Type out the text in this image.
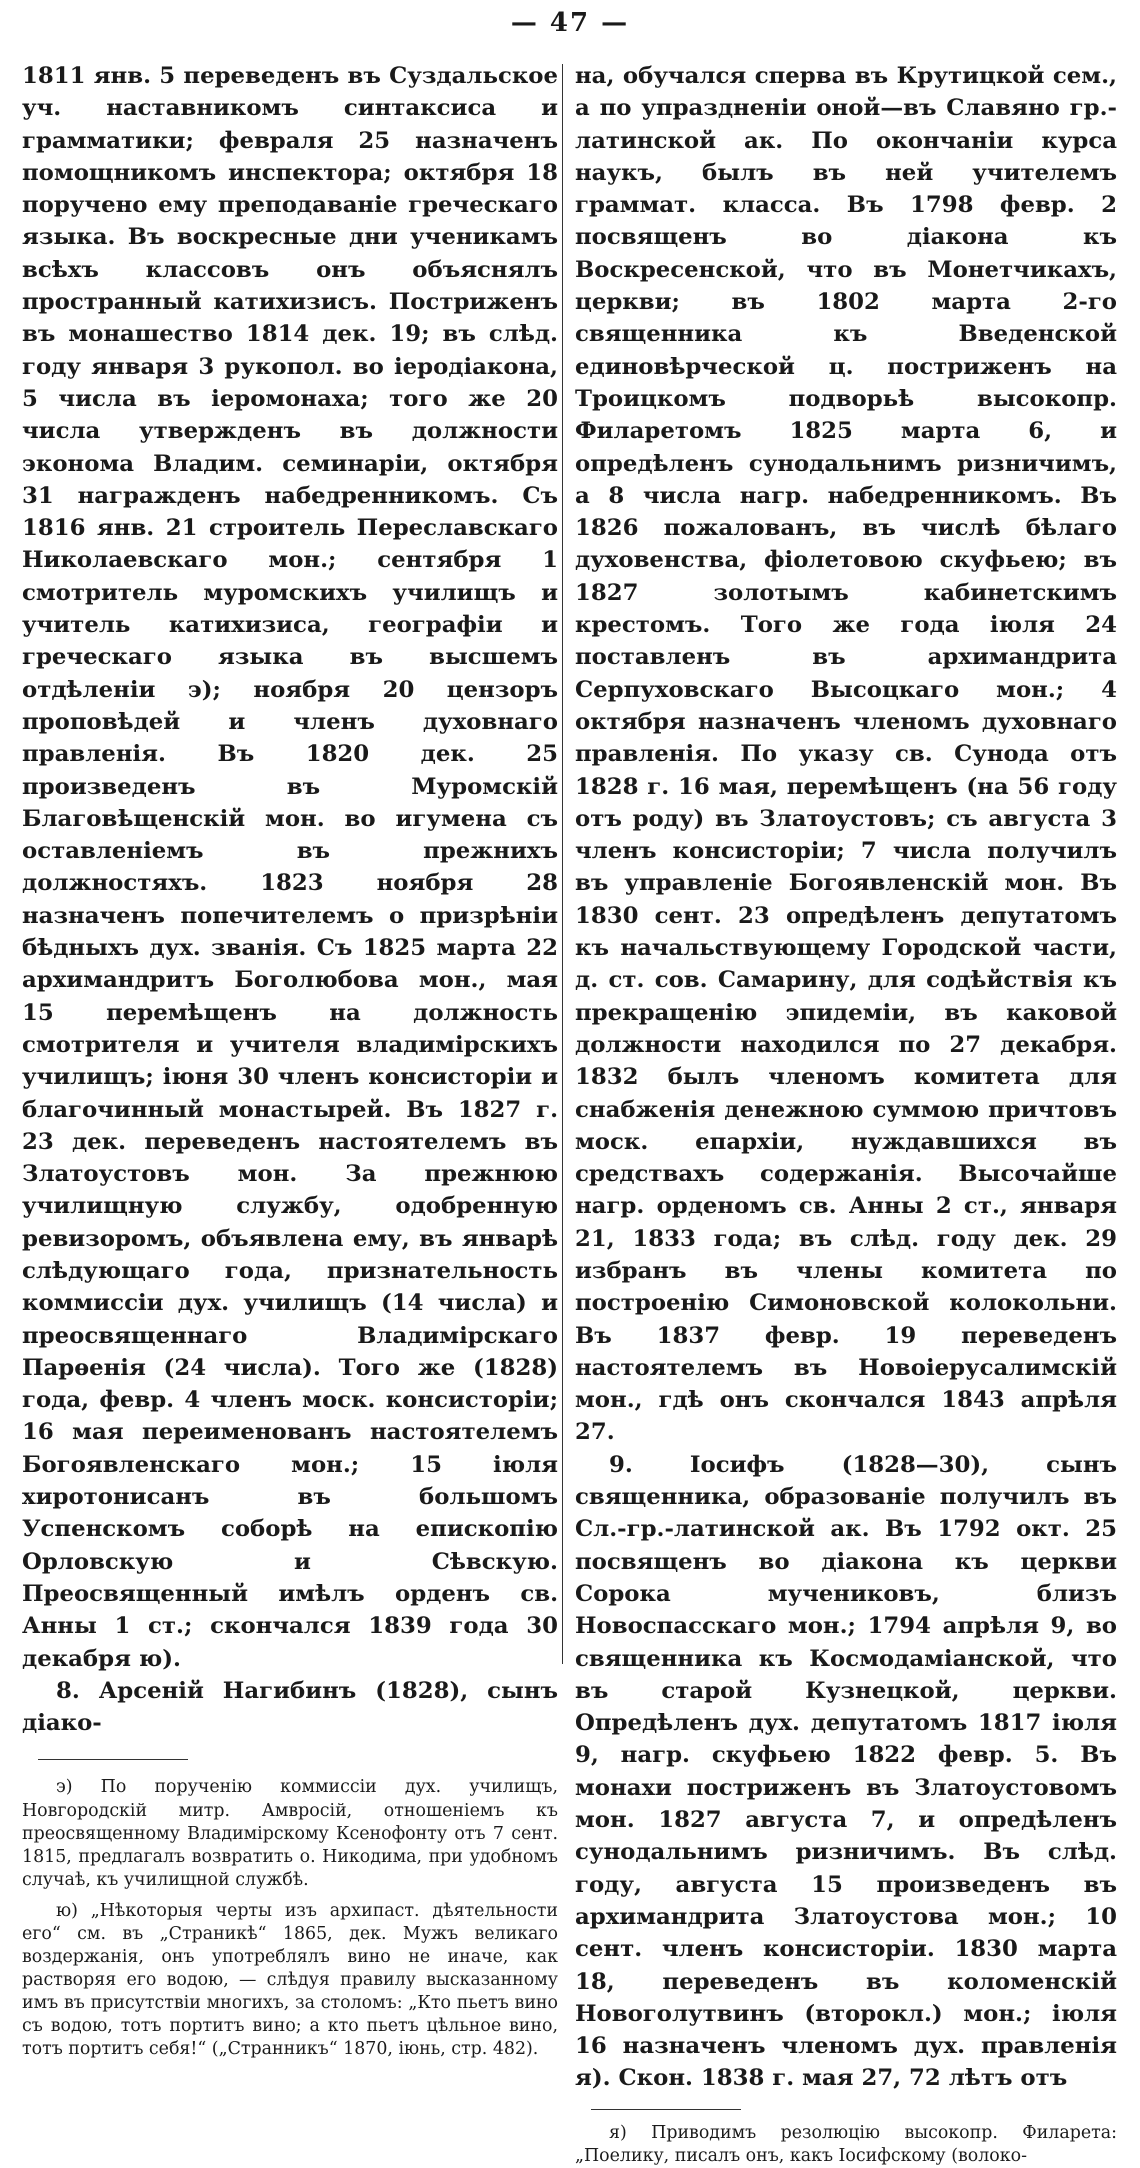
— 47 —

1811 янв. 5 переведенъ въ Суздальское уч. наставникомъ синтаксиса и грамматики; февраля 25 назначенъ помощникомъ инспектора; октября 18 поручено ему преподаванiе греческаго языка. Въ воскресные дни ученикамъ всѣхъ классовъ онъ объяснялъ пространный катихизисъ. Постриженъ въ монашество 1814 дек. 19; въ слѣд. году января 3 рукопол. во iеродiакона, 5 числа въ iеромонаха; того же 20 числа утвержденъ въ должности эконома Владим. семинарiи, октября 31 награжденъ набедренникомъ. Съ 1816 янв. 21 строитель Переславскаго Николаевскаго мон.; сентября 1 смотритель муромскихъ училищъ и учитель катихизиса, географiи и греческаго языка въ высшемъ отдѣленiи э); ноября 20 цензоръ проповѣдей и членъ духовнаго правленiя. Въ 1820 дек. 25 произведенъ въ Муромскiй Благовѣщенскiй мон. во игумена съ оставленiемъ въ прежнихъ должностяхъ. 1823 ноября 28 назначенъ попечителемъ о призрѣнiи бѣдныхъ дух. званiя. Съ 1825 марта 22 архимандритъ Боголюбова мон., мая 15 перемѣщенъ на должность смотрителя и учителя владимiрскихъ училищъ; iюня 30 членъ консисторiи и благочинный монастырей. Въ 1827 г. 23 дек. переведенъ настоятелемъ въ Златоустовъ мон. За прежнюю училищную службу, одобренную ревизоромъ, объявлена ему, въ январѣ слѣдующаго года, признательность коммиссiи дух. училищъ (14 числа) и преосвященнаго Владимiрскаго Парѳенiя (24 числа). Того же (1828) года, февр. 4 членъ моск. консисторiи; 16 мая переименованъ настоятелемъ Богоявленскаго мон.; 15 iюля хиротонисанъ въ большомъ Успенскомъ соборѣ на епископiю Орловскую и Сѣвскую. Преосвященный имѣлъ орденъ св. Анны 1 ст.; скончался 1839 года 30 декабря ю).

8. Арсенiй Нагибинъ (1828), сынъ дiако-

э) По порученiю коммиссiи дух. училищъ, Новгородскiй митр. Амвросiй, отношенiемъ къ преосвященному Владимiрскому Ксенофонту отъ 7 сент. 1815, предлагалъ возвратить о. Никодима, при удобномъ случаѣ, къ училищной службѣ.

ю) „Нѣкоторыя черты изъ архипаст. дѣятельности его“ см. въ „Страникѣ“ 1865, дек. Мужъ великаго воздержанiя, онъ употреблялъ вино не иначе, как растворяя его водою, — слѣдуя правилу высказанному имъ въ присутствiи многихъ, за столомъ: „Кто пьетъ вино съ водою, тотъ портитъ вино; а кто пьетъ цѣльное вино, тотъ портитъ себя!“ („Странникъ“ 1870, iюнь, стр. 482).

на, обучался сперва въ Крутицкой сем., а по упраздненiи оной—въ Славяно гр.-латинской ак. По окончанiи курса наукъ, былъ въ ней учителемъ граммат. класса. Въ 1798 февр. 2 посвященъ во дiакона къ Воскресенской, что въ Монетчикахъ, церкви; въ 1802 марта 2-го священника къ Введенской единовѣрческой ц. постриженъ на Троицкомъ подворьѣ высокопр. Филаретомъ 1825 марта 6, и опредѣленъ сунодальнимъ ризничимъ, а 8 числа нагр. набедренникомъ. Въ 1826 пожалованъ, въ числѣ бѣлаго духовенства, фiолетовою скуфьею; въ 1827 золотымъ кабинетскимъ крестомъ. Того же года iюля 24 поставленъ въ архимандрита Серпуховскаго Высоцкаго мон.; 4 октября назначенъ членомъ духовнаго правленiя. По указу св. Сунода отъ 1828 г. 16 мая, перемѣщенъ (на 56 году отъ роду) въ Златоустовъ; съ августа 3 членъ консисторiи; 7 числа получилъ въ управленiе Богоявленскiй мон. Въ 1830 сент. 23 опредѣленъ депутатомъ къ начальствующему Городской части, д. ст. сов. Самарину, для содѣйствiя къ прекращенiю эпидемiи, въ каковой должности находился по 27 декабря. 1832 былъ членомъ комитета для снабженiя денежною суммою причтовъ моск. епархiи, нуждавшихся въ средствахъ содержанiя. Высочайше нагр. орденомъ св. Анны 2 ст., января 21, 1833 года; въ слѣд. году дек. 29 избранъ въ члены комитета по построенiю Симоновской колокольни. Въ 1837 февр. 19 переведенъ настоятелемъ въ Новоiерусалимскiй мон., гдѣ онъ скончался 1843 апрѣля 27.

9. Iосифъ (1828—30), сынъ священника, образованiе получилъ въ Сл.-гр.-латинской ак. Въ 1792 окт. 25 посвященъ во дiакона къ церкви Сорока мучениковъ, близъ Новоспасскаго мон.; 1794 апрѣля 9, во священника къ Космодамiанской, что въ старой Кузнецкой, церкви. Опредѣленъ дух. депутатомъ 1817 iюля 9, нагр. скуфьею 1822 февр. 5. Въ монахи постриженъ въ Златоустовомъ мон. 1827 августа 7, и опредѣленъ сунодальнимъ ризничимъ. Въ слѣд. году, августа 15 произведенъ въ архимандрита Златоустова мон.; 10 сент. членъ консисторiи. 1830 марта 18, переведенъ въ коломенскiй Новоголутвинъ (второкл.) мон.; iюля 16 назначенъ членомъ дух. правленiя я). Скон. 1838 г. мая 27, 72 лѣтъ отъ

я) Приводимъ резолюцiю высокопр. Филарета: „Поелику, писалъ онъ, какъ Iосифскому (волоко-
